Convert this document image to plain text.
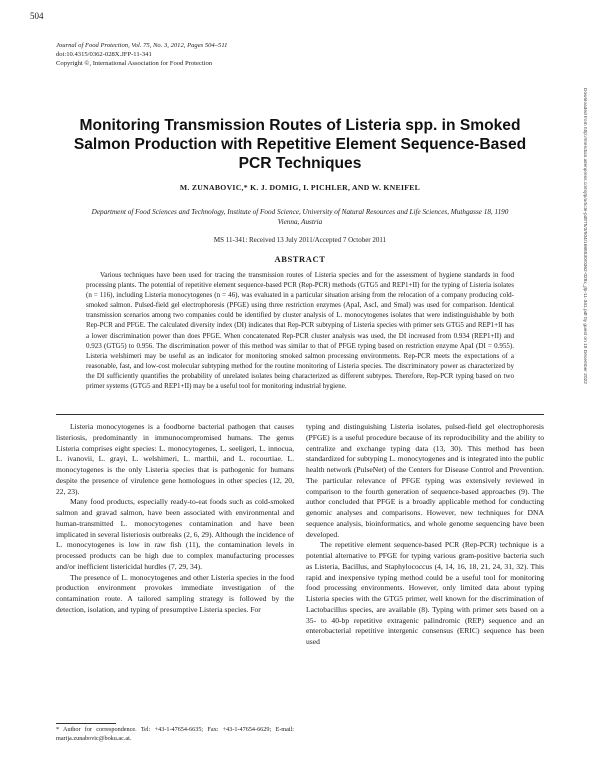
504
Journal of Food Protection, Vol. 75, No. 3, 2012, Pages 504–511
doi:10.4315/0362-028X.JFP-11-341
Copyright ©, International Association for Food Protection
Monitoring Transmission Routes of Listeria spp. in Smoked Salmon Production with Repetitive Element Sequence-Based PCR Techniques
M. ZUNABOVIC,* K. J. DOMIG, I. PICHLER, AND W. KNEIFEL
Department of Food Sciences and Technology, Institute of Food Science, University of Natural Resources and Life Sciences, Muthgasse 18, 1190 Vienna, Austria
MS 11-341: Received 13 July 2011/Accepted 7 October 2011
ABSTRACT

Various techniques have been used for tracing the transmission routes of Listeria species and for the assessment of hygiene standards in food processing plants. The potential of repetitive element sequence-based PCR (Rep-PCR) methods (GTG5 and REP1+II) for the typing of Listeria isolates (n = 116), including Listeria monocytogenes (n = 46), was evaluated in a particular situation arising from the relocation of a company producing cold-smoked salmon. Pulsed-field gel electrophoresis (PFGE) using three restriction enzymes (ApaI, AscI, and SmaI) was used for comparison. Identical transmission scenarios among two companies could be identified by cluster analysis of L. monocytogenes isolates that were indistinguishable by both Rep-PCR and PFGE. The calculated diversity index (DI) indicates that Rep-PCR subtyping of Listeria species with primer sets GTG5 and REP1+II has a lower discrimination power than does PFGE. When concatenated Rep-PCR cluster analysis was used, the DI increased from 0.934 (REP1+II) and 0.923 (GTG5) to 0.956. The discrimination power of this method was similar to that of PFGE typing based on restriction enzyme ApaI (DI = 0.955). Listeria welshimeri may be useful as an indicator for monitoring smoked salmon processing environments. Rep-PCR meets the expectations of a reasonable, fast, and low-cost molecular subtyping method for the routine monitoring of Listeria species. The discriminatory power as characterized by the DI sufficiently quantifies the probability of unrelated isolates being characterized as different subtypes. Therefore, Rep-PCR typing based on two primer systems (GTG5 and REP1+II) may be a useful tool for monitoring industrial hygiene.

Listeria monocytogenes is a foodborne bacterial pathogen that causes listeriosis, predominantly in immunocompromised humans. The genus Listeria comprises eight species: L. monocytogenes, L. seeligeri, L. innocua, L. ivanovii, L. grayi, L. welshimeri, L. marthii, and L. rocourtiae. L. monocytogenes is the only Listeria species that is pathogenic for humans despite the presence of virulence gene homologues in other species (12, 20, 22, 23).

Many food products, especially ready-to-eat foods such as cold-smoked salmon and gravad salmon, have been associated with environmental and human-transmitted L. monocytogenes contamination and have been implicated in several listeriosis outbreaks (2, 6, 29). Although the incidence of L. monocytogenes is low in raw fish (11), the contamination levels in processed products can be high due to complex manufacturing processes and/or inefficient listericidal hurdles (7, 29, 34).

The presence of L. monocytogenes and other Listeria species in the food production environment provokes immediate investigation of the contamination route. A tailored sampling strategy is followed by the detection, isolation, and typing of presumptive Listeria species. For

typing and distinguishing Listeria isolates, pulsed-field gel electrophoresis (PFGE) is a useful procedure because of its reproducibility and the ability to centralize and exchange typing data (13, 30). This method has been standardized for subtyping L. monocytogenes and is integrated into the public health network (PulseNet) of the Centers for Disease Control and Prevention. The particular relevance of PFGE typing was extensively reviewed in comparison to the fourth generation of sequence-based approaches (9). The author concluded that PFGE is a broadly applicable method for conducting genomic analyses and comparisons. However, new techniques for DNA sequence analysis, bioinformatics, and whole genome sequencing have been developed.

The repetitive element sequence-based PCR (Rep-PCR) technique is a potential alternative to PFGE for typing various gram-positive bacteria such as Listeria, Bacillus, and Staphylococcus (4, 14, 16, 18, 21, 24, 31, 32). This rapid and inexpensive typing method could be a useful tool for monitoring food processing environments. However, only limited data about typing Listeria species with the GTG5 primer, well known for the discrimination of Lactobacillus species, are available (8). Typing with primer sets based on a 35- to 40-bp repetitive extragenic palindromic (REP) sequence and an enterobacterial repetitive intergenic consensus (ERIC) sequence has been used

* Author for correspondence. Tel: +43-1-47654-6635; Fax: +43-1-47654-6629; E-mail: marija.zunabovic@boku.ac.at.
Downloaded from http://meridian.allenpress.com/jfp/article-pdf/75/3/504/1686530/0362-028x_jfp-11-341.pdf by guest on 15 December 2022
